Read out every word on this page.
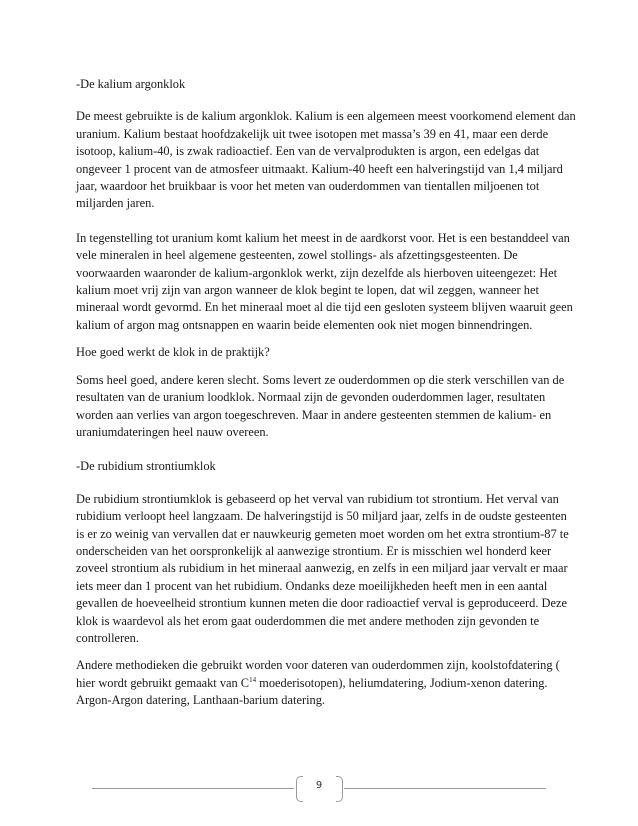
-De kalium argonklok

De meest gebruikte is de kalium argonklok. Kalium is een algemeen meest voorkomend element dan uranium. Kalium bestaat hoofdzakelijk uit twee isotopen met massa’s 39 en 41, maar een derde isotoop, kalium-40, is zwak radioactief. Een van de vervalprodukten is argon, een edelgas dat ongeveer 1 procent van de atmosfeer uitmaakt. Kalium-40 heeft een halveringstijd van 1,4 miljard jaar, waardoor het bruikbaar is voor het meten van ouderdommen van tientallen miljoenen tot miljarden jaren.

In tegenstelling tot uranium komt kalium het meest in de aardkorst voor. Het is een bestanddeel van vele mineralen in heel algemene gesteenten, zowel stollings- als afzettingsgesteenten. De voorwaarden waaronder de kalium-argonklok werkt, zijn dezelfde als hierboven uiteengezet: Het kalium moet vrij zijn van argon wanneer de klok begint te lopen, dat wil zeggen, wanneer het mineraal wordt gevormd. En het mineraal moet al die tijd een gesloten systeem blijven waaruit geen kalium of argon mag ontsnappen en waarin beide elementen ook niet mogen binnendringen.

Hoe goed werkt de klok in de praktijk?

Soms heel goed, andere keren slecht. Soms levert ze ouderdommen op die sterk verschillen van de resultaten van de uranium loodklok. Normaal zijn de gevonden ouderdommen lager, resultaten worden aan verlies van argon toegeschreven. Maar in andere gesteenten stemmen de kalium- en uraniumdateringen heel nauw overeen.

-De rubidium strontiumklok

De rubidium strontiumklok is gebaseerd op het verval van rubidium tot strontium. Het verval van rubidium verloopt heel langzaam. De halveringstijd is 50 miljard jaar, zelfs in de oudste gesteenten is er zo weinig van vervallen dat er nauwkeurig gemeten moet worden om het extra strontium-87 te onderscheiden van het oorspronkelijk al aanwezige strontium. Er is misschien wel honderd keer zoveel strontium als rubidium in het mineraal aanwezig, en zelfs in een miljard jaar vervalt er maar iets meer dan 1 procent van het rubidium. Ondanks deze moeilijkheden heeft men in een aantal gevallen de hoeveelheid strontium kunnen meten die door radioactief verval is geproduceerd. Deze klok is waardevol als het erom gaat ouderdommen die met andere methoden zijn gevonden te controlleren.

Andere methodieken die gebruikt worden voor dateren van ouderdommen zijn, koolstofdatering ( hier wordt gebruikt gemaakt van $C^{14}$ moederisotopen), heliumdatering, Jodium-xenon datering. Argon-Argon datering, Lanthaan-barium datering.

9
